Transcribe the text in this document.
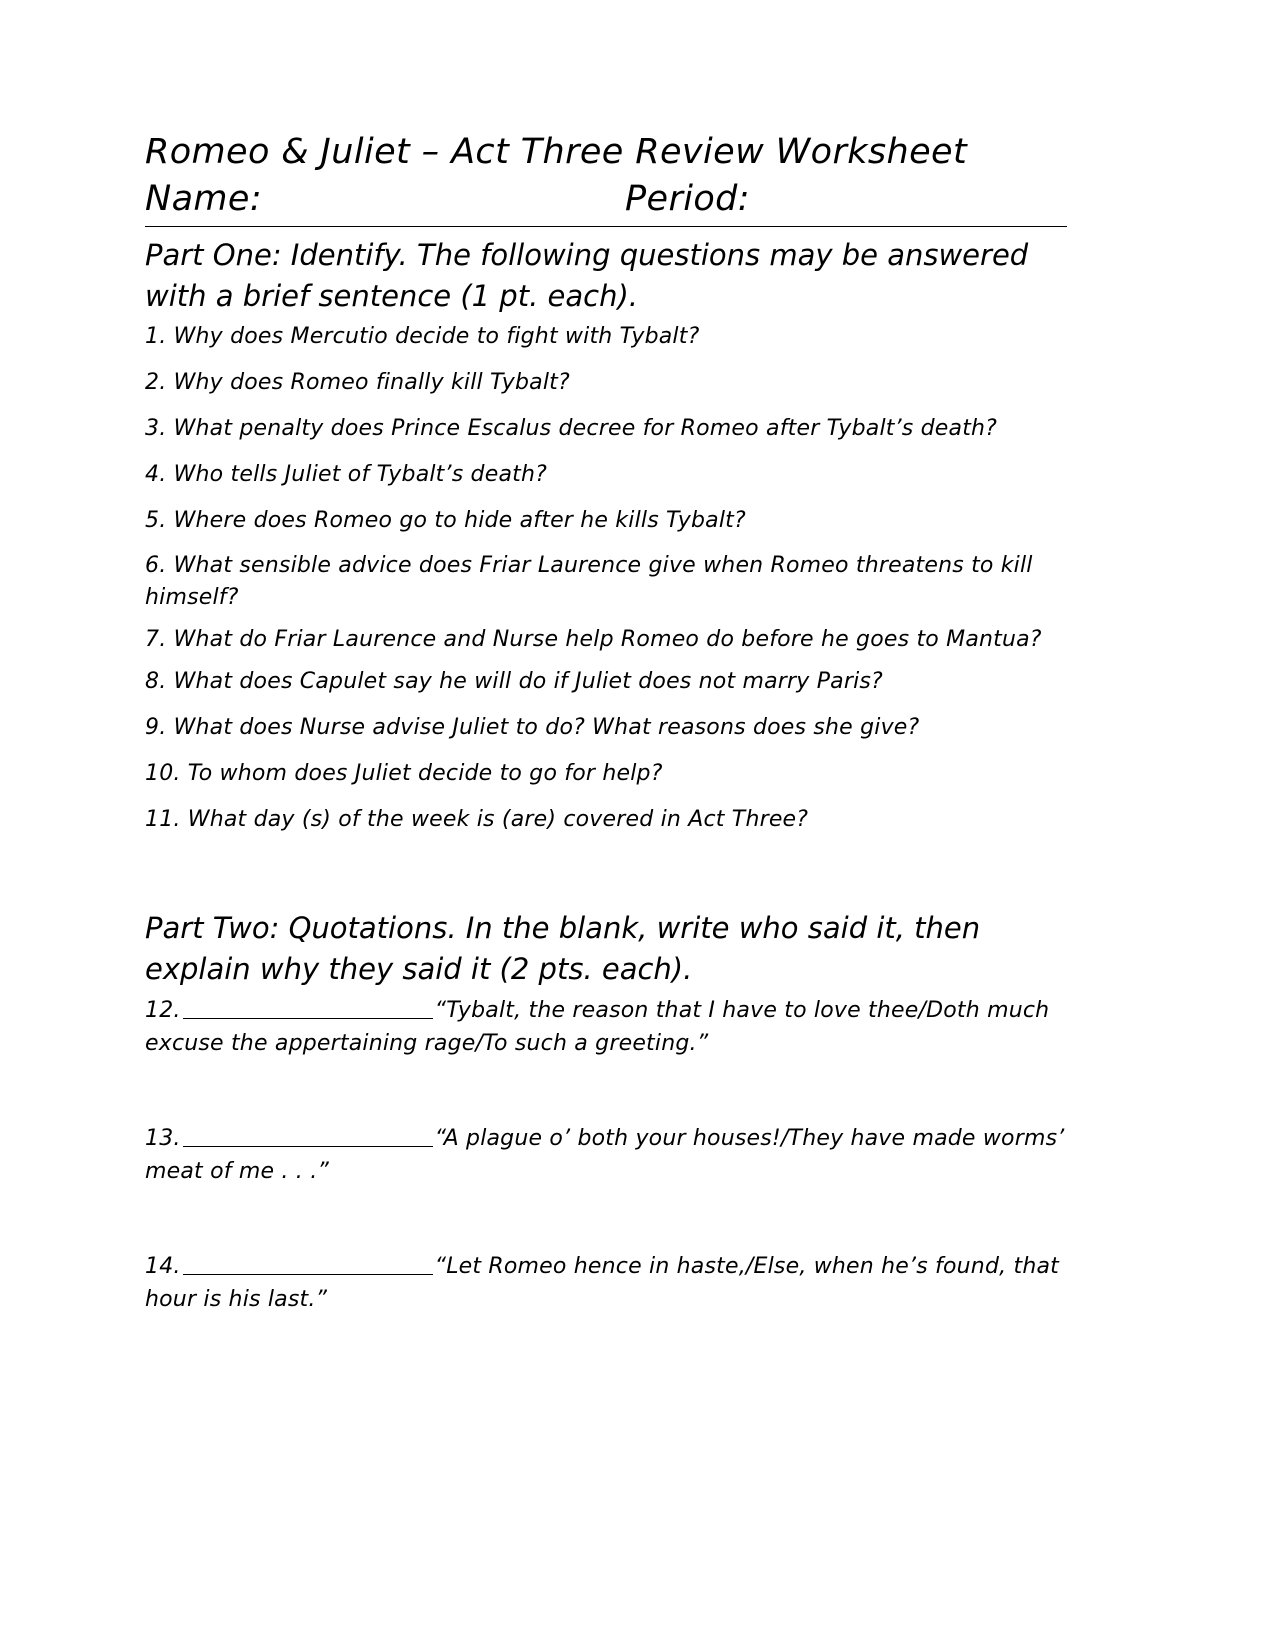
Romeo & Juliet – Act Three Review Worksheet
Name:	Period:
Part One: Identify. The following questions may be answered with a brief sentence (1 pt. each).

1. Why does Mercutio decide to fight with Tybalt?

2. Why does Romeo finally kill Tybalt?

3. What penalty does Prince Escalus decree for Romeo after Tybalt’s death?

4. Who tells Juliet of Tybalt’s death?

5. Where does Romeo go to hide after he kills Tybalt?

6. What sensible advice does Friar Laurence give when Romeo threatens to kill himself?

7. What do Friar Laurence and Nurse help Romeo do before he goes to Mantua?

8. What does Capulet say he will do if Juliet does not marry Paris?

9. What does Nurse advise Juliet to do? What reasons does she give?

10. To whom does Juliet decide to go for help?

11. What day (s) of the week is (are) covered in Act Three?

Part Two: Quotations. In the blank, write who said it, then explain why they said it (2 pts. each).

12.	“Tybalt, the reason that I have to love thee/Doth much excuse the appertaining rage/To such a greeting.”

13.	“A plague o’ both your houses!/They have made worms’ meat of me . . .”

14.	“Let Romeo hence in haste,/Else, when he’s found, that hour is his last.”
